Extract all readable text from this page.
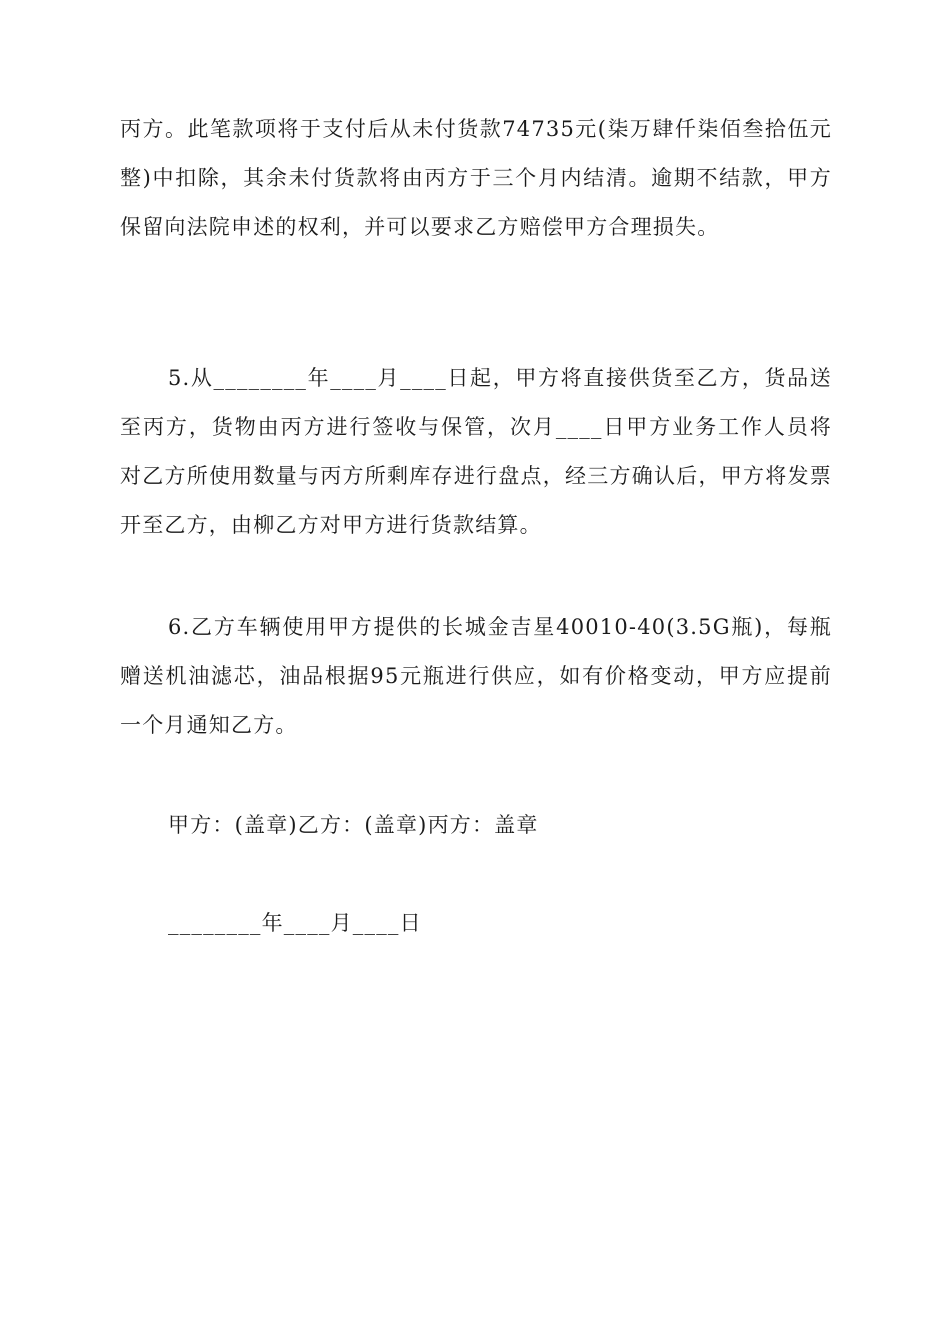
丙方。此笔款项将于支付后从未付货款74735元(柒万肆仟柒佰叁拾伍元整)中扣除，其余未付货款将由丙方于三个月内结清。逾期不结款，甲方保留向法院申述的权利，并可以要求乙方赔偿甲方合理损失。

5.从________年____月____日起，甲方将直接供货至乙方，货品送至丙方，货物由丙方进行签收与保管，次月____日甲方业务工作人员将对乙方所使用数量与丙方所剩库存进行盘点，经三方确认后，甲方将发票开至乙方，由柳乙方对甲方进行货款结算。

6.乙方车辆使用甲方提供的长城金吉星40010-40(3.5G瓶)，每瓶赠送机油滤芯，油品根据95元瓶进行供应，如有价格变动，甲方应提前一个月通知乙方。

甲方：(盖章)乙方：(盖章)丙方：盖章

________年____月____日
